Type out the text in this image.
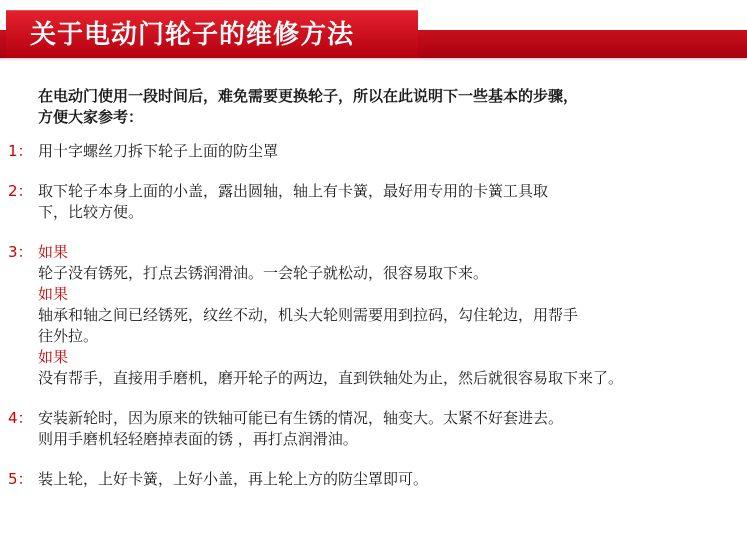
关于电动门轮子的维修方法
在电动门使用一段时间后，难免需要更换轮子，所以在此说明下一些基本的步骤，
方便大家参考：
1： 用十字螺丝刀拆下轮子上面的防尘罩
2： 取下轮子本身上面的小盖，露出圆轴，轴上有卡簧，最好用专用的卡簧工具取
下，比较方便。
3： 如果
轮子没有锈死，打点去锈润滑油。一会轮子就松动，很容易取下来。
如果
轴承和轴之间已经锈死，纹丝不动，机头大轮则需要用到拉码，勾住轮边，用帮手
往外拉。
如果
没有帮手，直接用手磨机，磨开轮子的两边，直到铁轴处为止，然后就很容易取下来了。
4： 安装新轮时，因为原来的铁轴可能已有生锈的情况，轴变大。太紧不好套进去。
则用手磨机轻轻磨掉表面的锈 ，再打点润滑油。
5： 装上轮，上好卡簧，上好小盖，再上轮上方的防尘罩即可。
